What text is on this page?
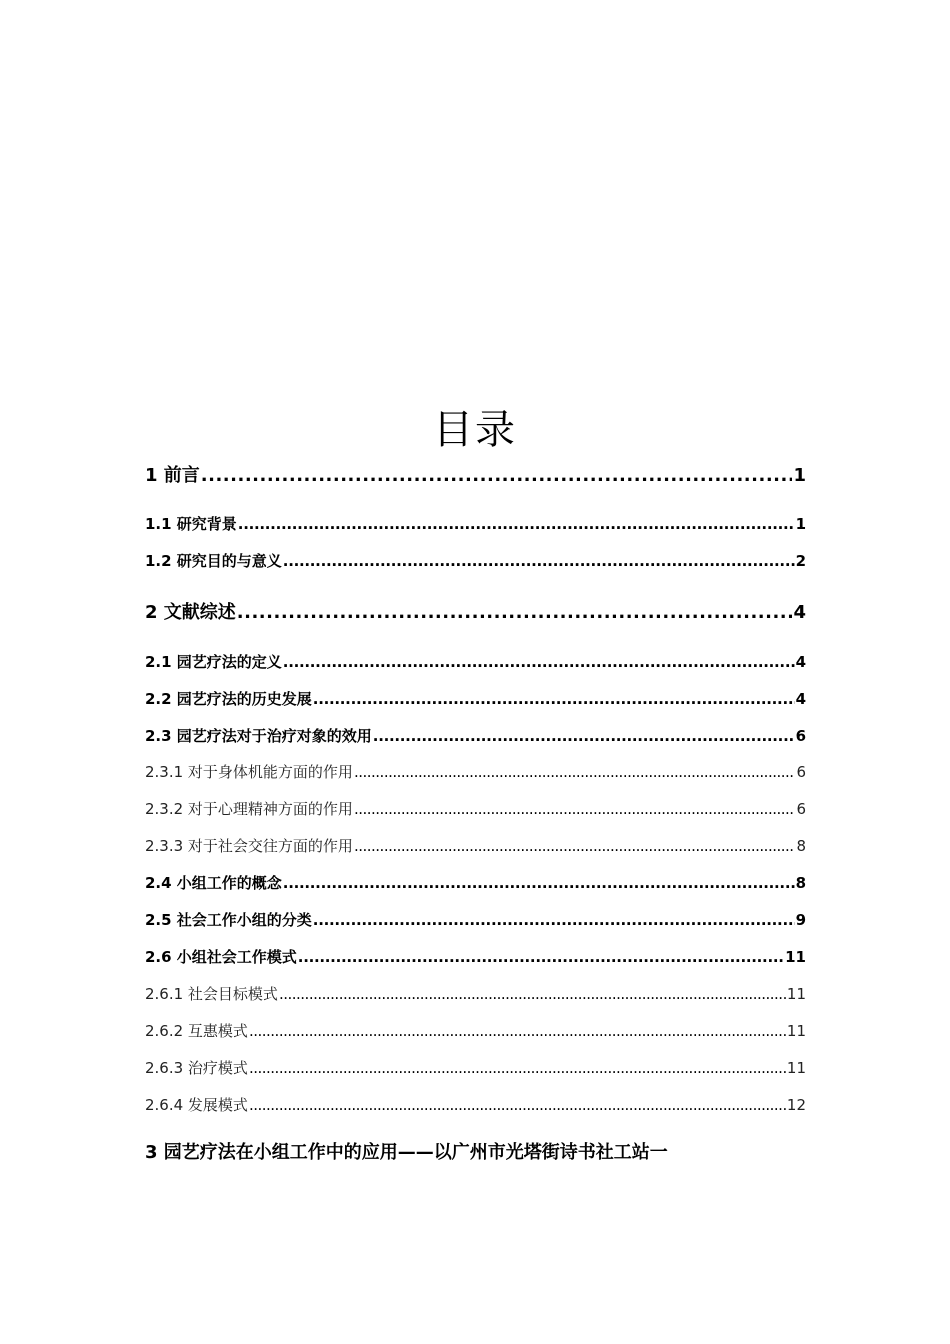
目录
1 前言 .....	1
1.1 研究背景 .....	1
1.2 研究目的与意义 .....	2
2 文献综述 .....	4
2.1 园艺疗法的定义 .....	4
2.2 园艺疗法的历史发展 .....	4
2.3 园艺疗法对于治疗对象的效用 .....	6
2.3.1 对于身体机能方面的作用 .....	6
2.3.2 对于心理精神方面的作用 .....	6
2.3.3 对于社会交往方面的作用 .....	8
2.4 小组工作的概念 .....	8
2.5 社会工作小组的分类 .....	9
2.6 小组社会工作模式 .....	11
2.6.1 社会目标模式 .....	11
2.6.2 互惠模式 .....	11
2.6.3 治疗模式 .....	11
2.6.4 发展模式 .....	12
3 园艺疗法在小组工作中的应用——以广州市光塔街诗书社工站一
